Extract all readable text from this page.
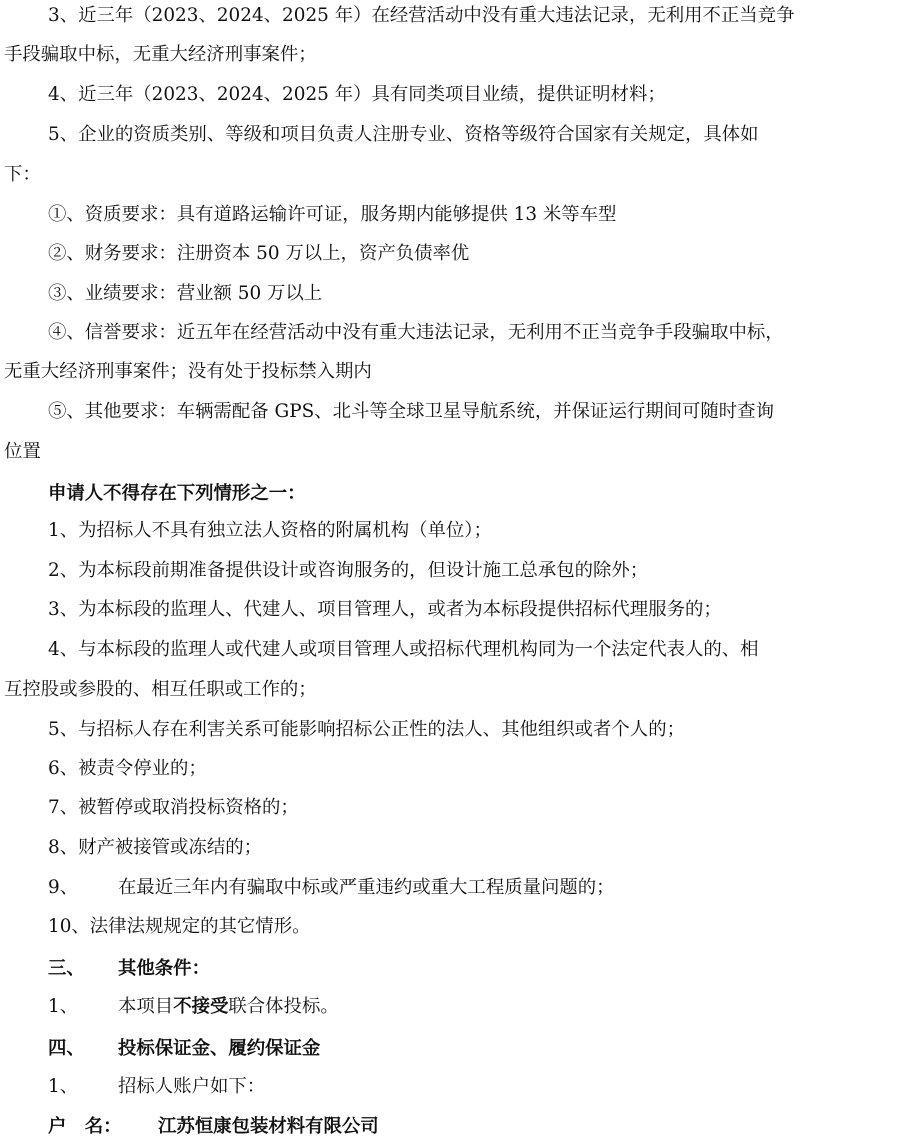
3、近三年（2023、2024、2025 年）在经营活动中没有重大违法记录，无利用不正当竞争
手段骗取中标，无重大经济刑事案件；
4、近三年（2023、2024、2025 年）具有同类项目业绩，提供证明材料；
5、企业的资质类别、等级和项目负责人注册专业、资格等级符合国家有关规定，具体如
下：
①、资质要求：具有道路运输许可证，服务期内能够提供 13 米等车型
②、财务要求：注册资本 50 万以上，资产负债率优
③、业绩要求：营业额 50 万以上
④、信誉要求：近五年在经营活动中没有重大违法记录，无利用不正当竞争手段骗取中标，
无重大经济刑事案件；没有处于投标禁入期内
⑤、其他要求：车辆需配备 GPS、北斗等全球卫星导航系统，并保证运行期间可随时查询
位置
申请人不得存在下列情形之一：
1、为招标人不具有独立法人资格的附属机构（单位）；
2、为本标段前期准备提供设计或咨询服务的，但设计施工总承包的除外；
3、为本标段的监理人、代建人、项目管理人，或者为本标段提供招标代理服务的；
4、与本标段的监理人或代建人或项目管理人或招标代理机构同为一个法定代表人的、相
互控股或参股的、相互任职或工作的；
5、与招标人存在利害关系可能影响招标公正性的法人、其他组织或者个人的；
6、被责令停业的；
7、被暂停或取消投标资格的；
8、财产被接管或冻结的；
9、 在最近三年内有骗取中标或严重违约或重大工程质量问题的；
10、法律法规规定的其它情形。
三、 其他条件：
1、 本项目不接受联合体投标。
四、 投标保证金、履约保证金
1、 招标人账户如下：
户　名： 江苏恒康包装材料有限公司
